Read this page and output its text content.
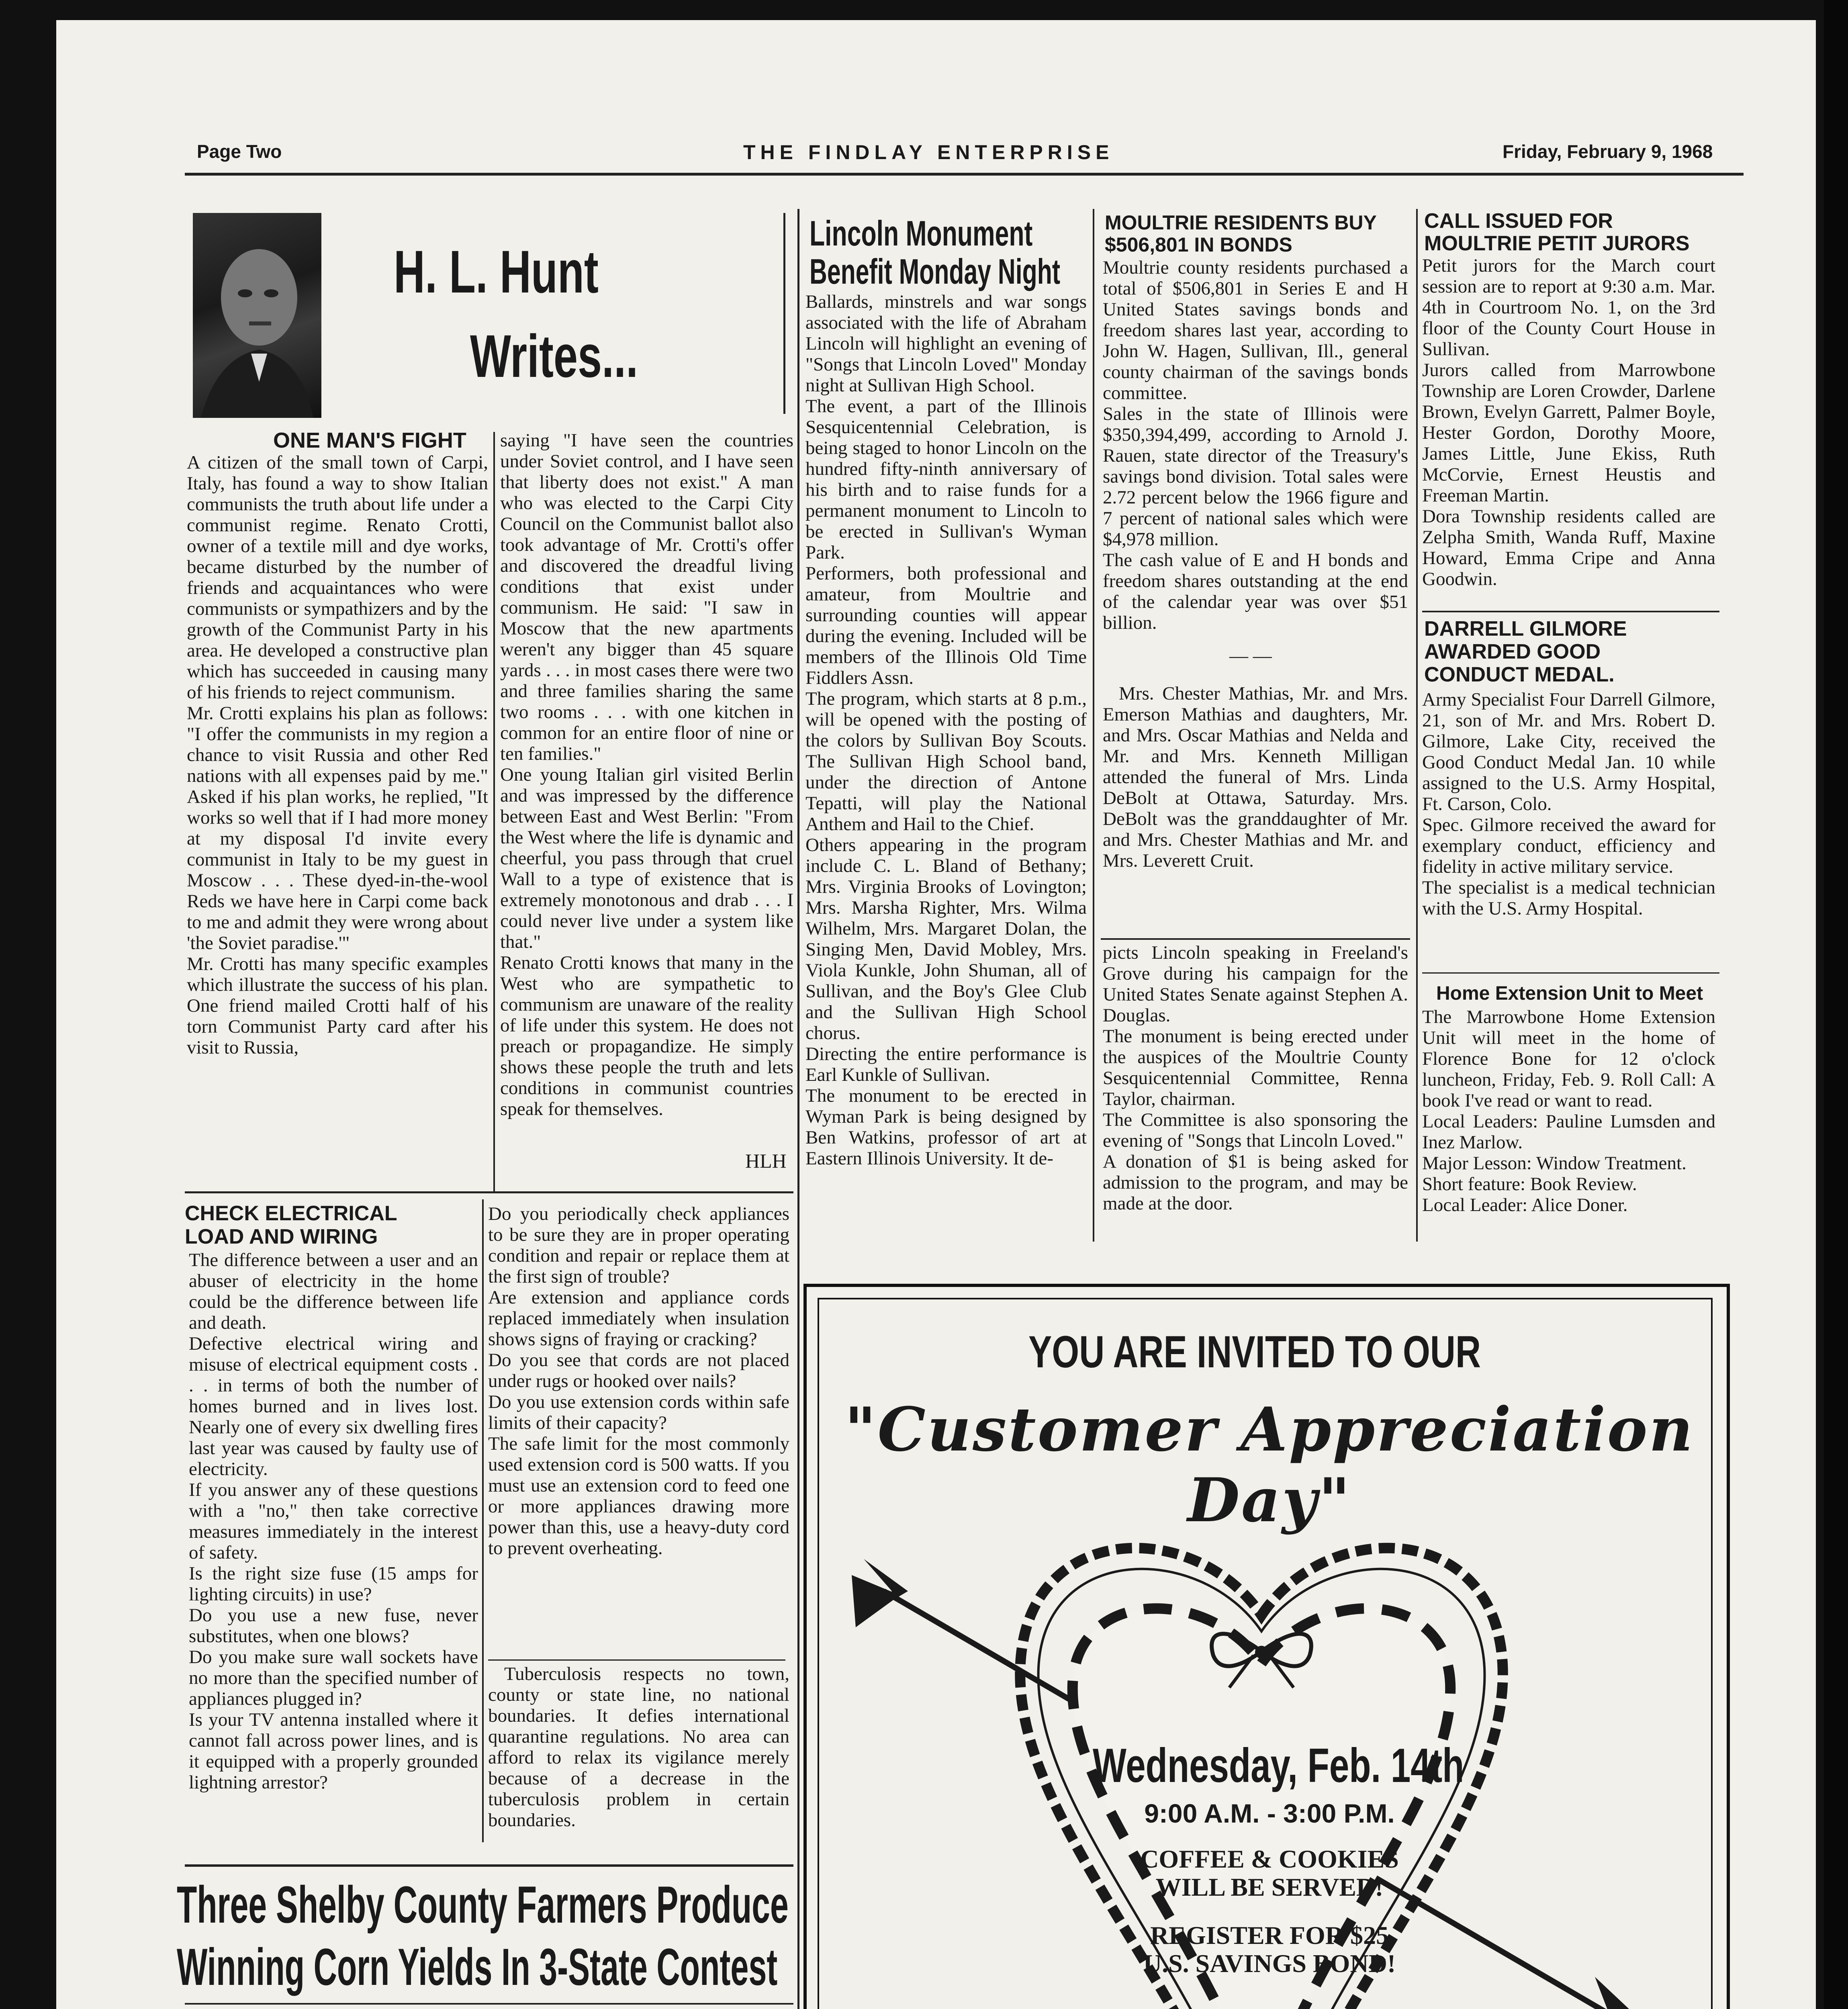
Page Two	THE FINDLAY ENTERPRISE	Friday, February 9, 1968
H. L. Hunt
Writes...
ONE MAN'S FIGHT
A citizen of the small town of Carpi, Italy, has found a way to show Italian communists the truth about life under a communist regime. Renato Crotti, owner of a textile mill and dye works, became disturbed by the number of friends and acquaintances who were communists or sympathizers and by the growth of the Communist Party in his area. He developed a constructive plan which has succeeded in causing many of his friends to reject communism.
Mr. Crotti explains his plan as follows: "I offer the communists in my region a chance to visit Russia and other Red nations with all expenses paid by me." Asked if his plan works, he replied, "It works so well that if I had more money at my disposal I'd invite every communist in Italy to be my guest in Moscow . . . These dyed-in-the-wool Reds we have here in Carpi come back to me and admit they were wrong about 'the Soviet paradise.'"
Mr. Crotti has many specific examples which illustrate the success of his plan. One friend mailed Crotti half of his torn Communist Party card after his visit to Russia,
saying "I have seen the countries under Soviet control, and I have seen that liberty does not exist." A man who was elected to the Carpi City Council on the Communist ballot also took advantage of Mr. Crotti's offer and discovered the dreadful living conditions that exist under communism. He said: "I saw in Moscow that the new apartments weren't any bigger than 45 square yards . . . in most cases there were two and three families sharing the same two rooms . . . with one kitchen in common for an entire floor of nine or ten families."
One young Italian girl visited Berlin and was impressed by the difference between East and West Berlin: "From the West where the life is dynamic and cheerful, you pass through that cruel Wall to a type of existence that is extremely monotonous and drab . . . I could never live under a system like that."
Renato Crotti knows that many in the West who are sympathetic to communism are unaware of the reality of life under this system. He does not preach or propagandize. He simply shows these people the truth and lets conditions in communist countries speak for themselves.
HLH
CHECK ELECTRICAL
LOAD AND WIRING
The difference between a user and an abuser of electricity in the home could be the difference between life and death.
Defective electrical wiring and misuse of electrical equipment costs . . . in terms of both the number of homes burned and in lives lost. Nearly one of every six dwelling fires last year was caused by faulty use of electricity.
If you answer any of these questions with a "no," then take corrective measures immediately in the interest of safety.
Is the right size fuse (15 amps for lighting circuits) in use?
Do you use a new fuse, never substitutes, when one blows?
Do you make sure wall sockets have no more than the specified number of appliances plugged in?
Is your TV antenna installed where it cannot fall across power lines, and is it equipped with a properly grounded lightning arrestor?
Do you periodically check appliances to be sure they are in proper operating condition and repair or replace them at the first sign of trouble?
Are extension and appliance cords replaced immediately when insulation shows signs of fraying or cracking?
Do you see that cords are not placed under rugs or hooked over nails?
Do you use extension cords within safe limits of their capacity?
The safe limit for the most commonly used extension cord is 500 watts. If you must use an extension cord to feed one or more appliances drawing more power than this, use a heavy-duty cord to prevent overheating.
Tuberculosis respects no town, county or state line, no national boundaries. It defies international quarantine regulations. No area can afford to relax its vigilance merely because of a decrease in the tuberculosis problem in certain boundaries.
Three Shelby County Farmers Produce
Winning Corn Yields In 3-State Contest
Lincoln Monument
Benefit Monday Night
Ballards, minstrels and war songs associated with the life of Abraham Lincoln will highlight an evening of "Songs that Lincoln Loved" Monday night at Sullivan High School.
The event, a part of the Illinois Sesquicentennial Celebration, is being staged to honor Lincoln on the hundred fifty-ninth anniversary of his birth and to raise funds for a permanent monument to Lincoln to be erected in Sullivan's Wyman Park.
Performers, both professional and amateur, from Moultrie and surrounding counties will appear during the evening. Included will be members of the Illinois Old Time Fiddlers Assn.
The program, which starts at 8 p.m., will be opened with the posting of the colors by Sullivan Boy Scouts. The Sullivan High School band, under the direction of Antone Tepatti, will play the National Anthem and Hail to the Chief.
Others appearing in the program include C. L. Bland of Bethany; Mrs. Virginia Brooks of Lovington; Mrs. Marsha Righter, Mrs. Wilma Wilhelm, Mrs. Margaret Dolan, the Singing Men, David Mobley, Mrs. Viola Kunkle, John Shuman, all of Sullivan, and the Boy's Glee Club and the Sullivan High School chorus.
Directing the entire performance is Earl Kunkle of Sullivan.
The monument to be erected in Wyman Park is being designed by Ben Watkins, professor of art at Eastern Illinois University. It de-
MOULTRIE RESIDENTS BUY
$506,801 IN BONDS
Moultrie county residents purchased a total of $506,801 in Series E and H United States savings bonds and freedom shares last year, according to John W. Hagen, Sullivan, Ill., general county chairman of the savings bonds committee.
Sales in the state of Illinois were $350,394,499, according to Arnold J. Rauen, state director of the Treasury's savings bond division. Total sales were 2.72 percent below the 1966 figure and 7 percent of national sales which were $4,978 million.
The cash value of E and H bonds and freedom shares outstanding at the end of the calendar year was over $51 billion.
— —
Mrs. Chester Mathias, Mr. and Mrs. Emerson Mathias and daughters, Mr. and Mrs. Oscar Mathias and Nelda and Mr. and Mrs. Kenneth Milligan attended the funeral of Mrs. Linda DeBolt at Ottawa, Saturday. Mrs. DeBolt was the granddaughter of Mr. and Mrs. Chester Mathias and Mr. and Mrs. Leverett Cruit.
picts Lincoln speaking in Freeland's Grove during his campaign for the United States Senate against Stephen A. Douglas.
The monument is being erected under the auspices of the Moultrie County Sesquicentennial Committee, Renna Taylor, chairman.
The Committee is also sponsoring the evening of "Songs that Lincoln Loved."
A donation of $1 is being asked for admission to the program, and may be made at the door.
CALL ISSUED FOR
MOULTRIE PETIT JURORS
Petit jurors for the March court session are to report at 9:30 a.m. Mar. 4th in Courtroom No. 1, on the 3rd floor of the County Court House in Sullivan.
Jurors called from Marrowbone Township are Loren Crowder, Darlene Brown, Evelyn Garrett, Palmer Boyle, Hester Gordon, Dorothy Moore, James Little, June Ekiss, Ruth McCorvie, Ernest Heustis and Freeman Martin.
Dora Township residents called are Zelpha Smith, Wanda Ruff, Maxine Howard, Emma Cripe and Anna Goodwin.
DARRELL GILMORE
AWARDED GOOD
CONDUCT MEDAL.
Army Specialist Four Darrell Gilmore, 21, son of Mr. and Mrs. Robert D. Gilmore, Lake City, received the Good Conduct Medal Jan. 10 while assigned to the U.S. Army Hospital, Ft. Carson, Colo.
Spec. Gilmore received the award for exemplary conduct, efficiency and fidelity in active military service.
The specialist is a medical technician with the U.S. Army Hospital.
Home Extension Unit to Meet
The Marrowbone Home Extension Unit will meet in the home of Florence Bone for 12 o'clock luncheon, Friday, Feb. 9. Roll Call: A book I've read or want to read.
Local Leaders: Pauline Lumsden and Inez Marlow.
Major Lesson: Window Treatment.
Short feature: Book Review.
Local Leader: Alice Doner.
YOU ARE INVITED TO OUR
"Customer Appreciation Day"
Wednesday, Feb. 14th
9:00 A.M. - 3:00 P.M.
COFFEE & COOKIES
WILL BE SERVED!
REGISTER FOR $25
U.S. SAVINGS BOND!
